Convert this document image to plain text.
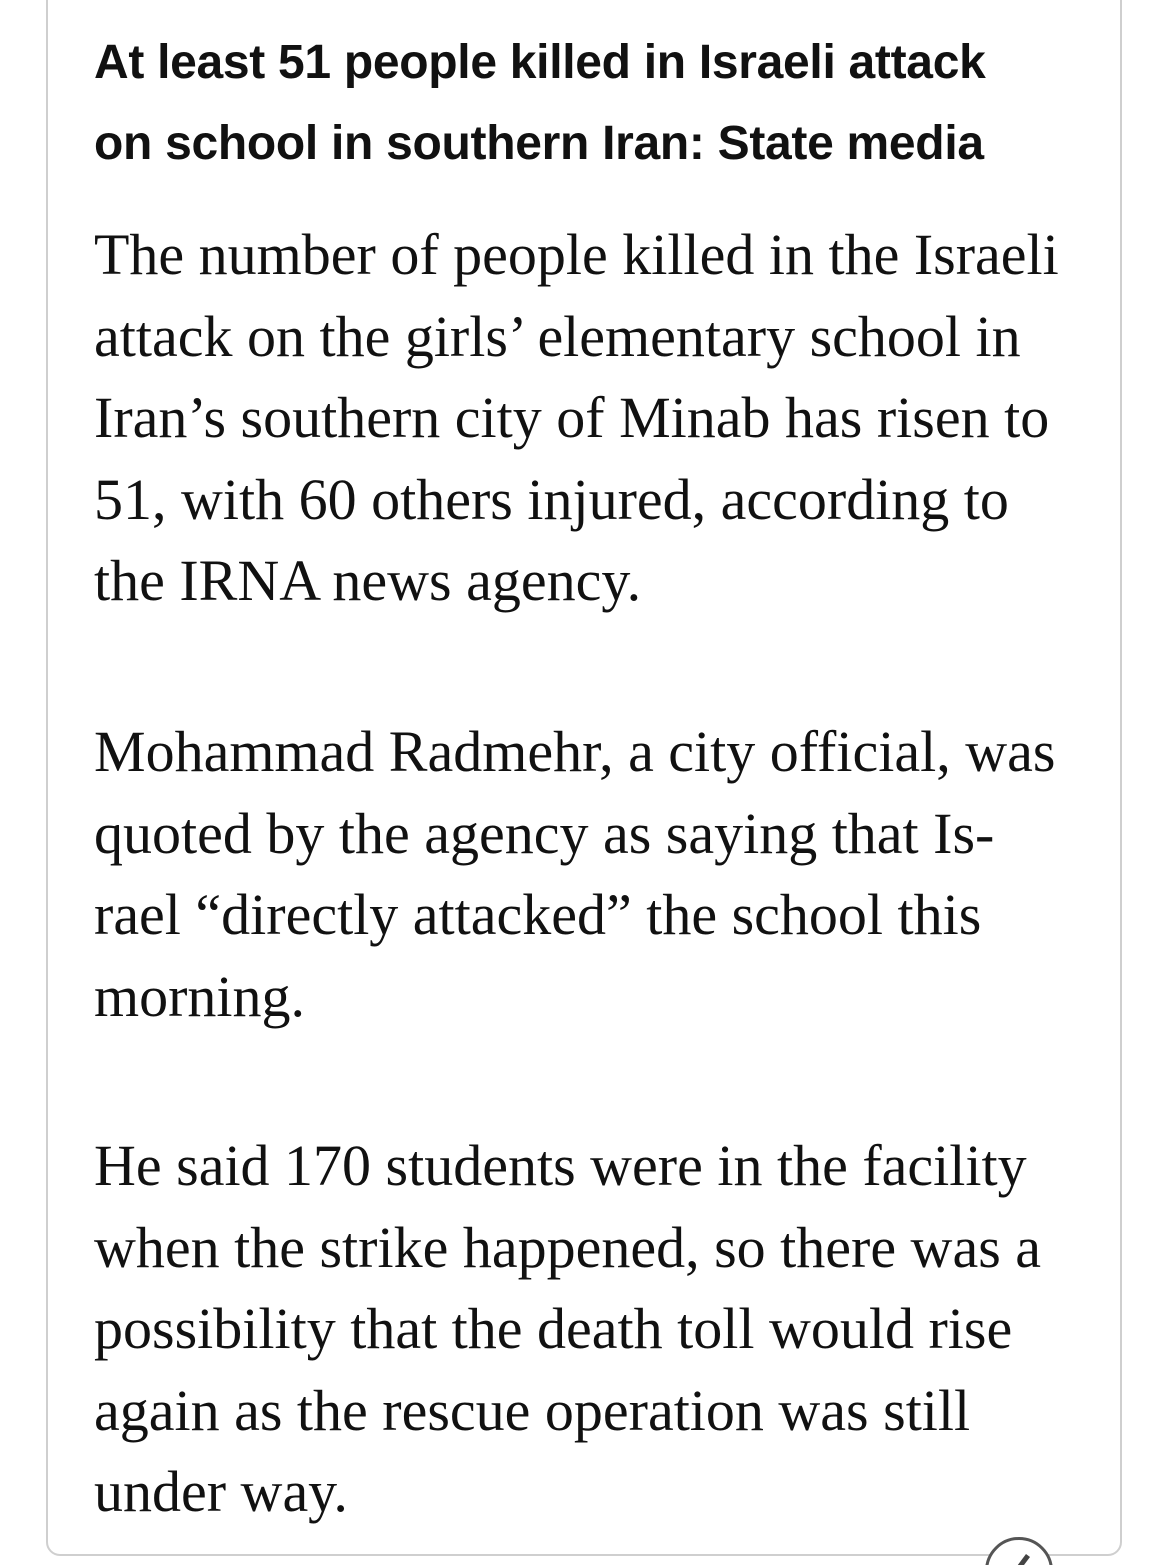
At least 51 people killed in Israeli attack
on school in southern Iran: State media

The number of people killed in the Israeli
attack on the girls’ elementary school in
Iran’s southern city of Minab has risen to
51, with 60 others injured, according to
the IRNA news agency.

Mohammad Radmehr, a city official, was
quoted by the agency as saying that Is-
rael “directly attacked” the school this
morning.

He said 170 students were in the facility
when the strike happened, so there was a
possibility that the death toll would rise
again as the rescue operation was still
under way.
